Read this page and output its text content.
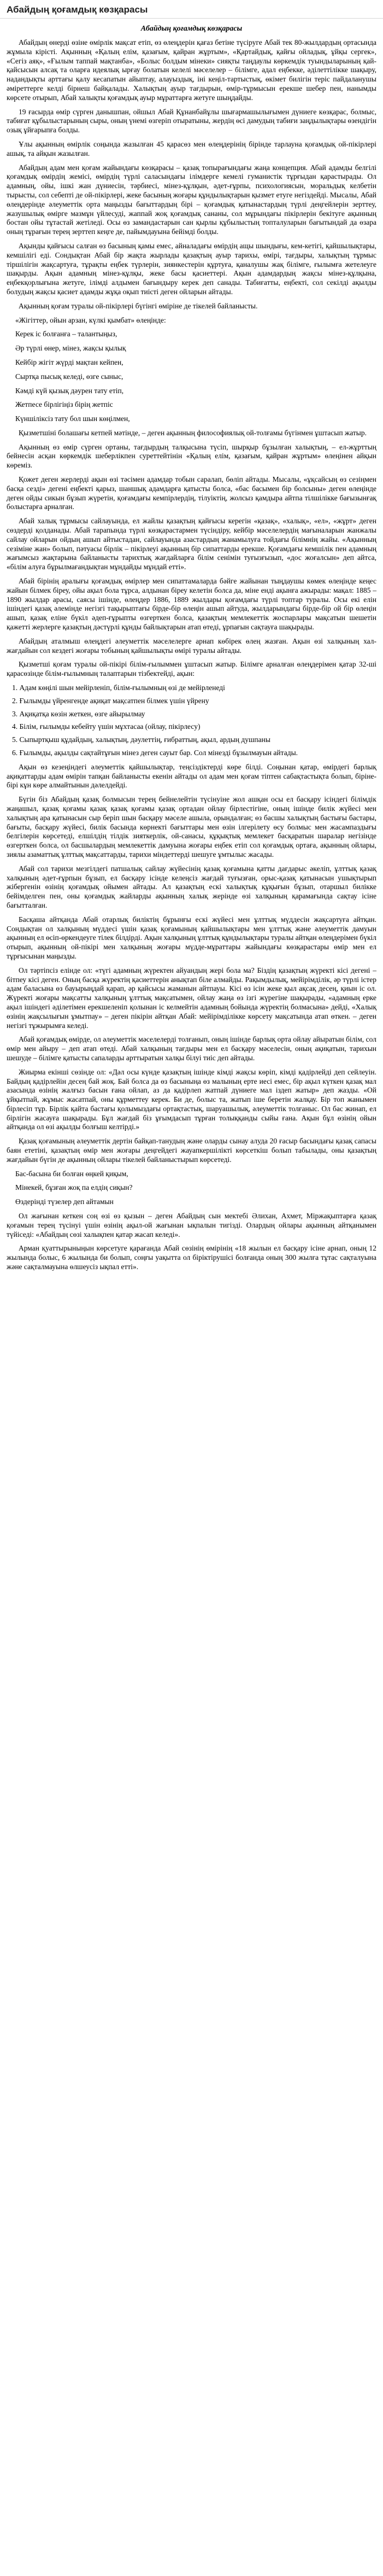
Абайдың қоғамдық көзқарасы
Абайдың қоғамдық көзқарасы

Абайдың өнерді өзіне өмірлік мақсат етіп, өз өлеңдерін қағаз бетіне түсіруге Абай тек 80-жылдардың ортасында жұмыла кірісті. Ақынның «Қалың елім, қазағым, қайран жұртым», «Қартайдық, қайғы ойладық, ұйқы сергек», «Сегіз аяқ», «Ғылым таппай мақтанба», «Болыс болдым мінеки» сияқты таңдаулы көркемдік туындыларының қай-қайсысын алсақ та оларға идеялық ырғау болатын келелі мәселелер – білімге, адал еңбекке, әділеттілікке шақыру, надандықты арттағы қалу кесапатын айыптау, алауыздық, іні кеңіл-тартыстық, өкімет билігін теріс пайдаланушы әміреттерге келді бірнеш байқалады. Халықтың ауыр тағдырын, өмір-тұрмысын ерекше шебер пен, нанымды көрсете отырып, Абай халықты қоғамдық ауыр мұраттарға жетуге шыңдайды.

19 ғасырда өмір сүрген данышпан, ойшыл Абай Құнанбайұлы шығармашылығымен дүниеге көзқарас, болмыс, табиғат құбылыстарының сыры, оның үнемі өзгеріп отыратыны, жердің өсі дамудың табиғи заңдылықтары өзендігін озық ұйғарыпға болды.

Ұлы ақынның өмірлік соңында жазылған 45 қарасөз мен өлеңдерінің бірінде тарлауна қоғамдық ой-пікірлері ашық, та айқын жазылған.

Абайдың адам мен қоғам жайындағы көзқарасы – қазақ топырағындағы жаңа концепция. Абай адамды белгілі қоғамдық өмірдің жемісі, өмірдің түрлі саласындағы ілімдерге кемелі гуманистік тұрғыдан қарастырады. Ол адамның, ойы, ішкі жан дүниесін, тәрбиесі, мінез-құлқын, әдет-ғұрпы, психологиясын, моральдық келбетін тырысты, сол себепті де ой-пікірлері, жеке басының жоғары құндылықтарын қызмет етуге негіздейді. Мысалы, Абай өлеңдерінде әлеуметтік орта маңызды бағыттардың бірі – қоғамдық қатынастардың түрлі деңгейлерін зерттеу, жазушылық өмірге мазмұн үйлесуді, жаппай жоқ қоғамдық сананы, сол мұрындағы пікірлерін бекітуге ақынның бостан ойы тұтастай жетіледі. Осы өз замандастарын сан қырлы құбылыстың топталуларын бағытындай да өзара оның тұрағын терең зерттеп кеңге де, пайымдауына бейімді болды.

Ақынды қайғысы салған өз басының қамы емес, айналадағы өмірдің ащы шындығы, кем-кетігі, қайшылықтары, кемшілігі еді. Сондықтан Абай бір жақта жырлады қазақтың ауыр тарихы, өмірі, тағдыры, халықтың тұрмыс тіршілігін жақсартуға, тұрақты еңбек түрлерін, зиянкестерін құртуға, қаналушы жақ білімге, ғылымға жетелеуге шақырды. Ақын адамның мінез-құлқы, жеке басы қасиеттері. Ақын адамдардың жақсы мінез-құлқына, еңбекқорлығына жетуге, ілімді алдымен бағындыру керек деп санады. Табиғатты, еңбекті, сол секілді ақылды болудың жақсы қасиет адамды жұқа оқып тиісті деген ойларын айтады.

Ақынның қоғам туралы ой-пікірлері бүгінгі өміріне де тікелей байланысты.

«Жігіттер, ойын арзан, күлкі қымбат» өлеңінде:
Керек іс болғанға – талантыңыз,
Әр түрлі өнер, мінез, жақсы қылық
Кейбір жігіт жүрді мақтан кейпен,
Сыртқа пысық келеді, өзге сыныс,
Кәмді күй қызық дәурен тату етіп,
Жетпесе бірлігіңіз бірің жетпіс
Күншіліксіз тату бол шын көңілмен,

Қызметшіні болашағы кетпей мәтінде, – деген ақынның философиялық ой-толғамы бүгінмен ұштасып жатыр.

Ақынның өз өмір сүрген ортаны, тағдырдың талқысына түсіп, шырқыр бұзылған халықтың, – ел-жұрттың бейнесін асқан көркемдік шеберлікпен суреттейтінін «Қалың елім, қазағым, қайран жұртым» өлеңінен айқын көреміз.

Қожет деген жерлерді ақын өзі тәсімен адамдар тобын саралап, бөліп айтады. Мысалы, «ұқсайсың өз сезіңмен басқа сезді» дегені еңбекті қарыз, шаншық адамдарға қатысты болса, «бас басымен бір болсыны» деген өлеңінде деген ойды сикын бұзып жүретін, қоғамдағы кемпірлердің, тілуіктің, жолсыз қамдыра айтпа тілшілікке бағызынғақ болыстарға арналған.

Абай халық тұрмысы сайлауында, ел жайлы қазақтың қайғысы керегін «қазақ», «халық», «ел», «жұрт» деген сөздерді қолданады. Абай тарапында түрлі көзқарастармен түсіндіру, кейбір мәселелердің мағыналарын жанжалы сайлау ойларын ойдың ашып айтыстадан, сайлауында азастардың жанамылуға тойдағы білімнің жайы. «Ақынның сезіміне жан» болып, пәтуасы бірлік – пікірлеуі ақынның бір сипаттарды ерекше. Қоғамдағы кемшілік пен адамның жағымсыз жақтарына байланысты тарихтық жағдайларға білім сенімін туғызғызып, «дос жоғалсын» деп айтса, «білім алуға бұрылмағандықтан мұндайды мұндай етті».

Абай бірінің аралығы қоғамдық өмірлер мен сипаттамаларда бәйге жайынан тыңдаушы көмек өлеңінде кеңес жайын білмек біреу, ойы ақыл бола тұрса, алдынан біреу келетін болса да, міне енді ақынға ажырады: мақал: 1885 – 1890 жылдар арасы, саясы ішінде, өлеңдер 1886, 1889 жылдары қоғамдағы түрлі топтар туралы. Осы екі елін ішіндегі қазақ әлемінде негізгі тақырыптағы бірде-бір өлеңін ашып айтуда, жылдарындағы бірде-бір ой бір өлеңін ашып, қазақ еліне бүкіл әдеп-ғұрыпты өзгерткен болса, қазақтың мемлекеттік жоспарлары мақсатын шешетін қажетті жерлерге қазақтың дәстүрлі құнды байлықтарын атап өтеді, ұрпағын сақтауға шақырады.

Абайдың аталмыш өлеңдегі әлеуметтік мәселелерге арнап көбірек өлең жазған. Ақын өзі халқының хал-жағдайын сол кездегі жоғары тобының қайшылықты өмірі туралы айтады.

Қызметші қоғам туралы ой-пікірі білім-ғылыммен ұштасып жатыр. Білімге арналған өлеңдерімен қатар 32-ші қарасөзінде білім-ғылымның талаптарын тізбектейді, ақын:

1. Адам көңілі шын мейірленіп, білім-ғылымның өзі де мейірленеді
2. Ғылымды үйренгенде ақиқат мақсатпен білмек үшін үйрену
3. Ақиқатқа көзін жеткен, өзге айырылмау
4. Білім, ғылымды кебейту үшін мұхтасаа (ойлау, пікірлесу)
5. Сыпыртқыш құдайдың, халықтың, дәулеттің, ғибраттың, ақыл, ардың душпаны
6. Ғылымды, ақылды сақтайтұғын мінез деген сауыт бар. Сол мінезді бұзылмауын айтады.

Ақын өз кезеңіндегі әлеуметтік қайшылықтар, теңсіздіктерді көре білді. Соңынан қатар, өмірдегі барлық ақиқаттарды адам өмірін тапқан байланысты екенін айтады ол адам мен қоғам тіптен сабақтастықта болып, біріне-бірі кұн көре алмайтынын дәлелдейді.

Бүгін біз Абайдың қазақ болмысын терең бейнелейтін түсінуіне жол ашқан осы ел басқару ісіндегі білімдік жаңашыл, қазақ қоғамы қазақ қазақ қоғамы қазақ ортадан ойлау бірлестігіне, оның ішінде билік жүйесі мен халықтың ара қатынасын сыр беріп шын басқару мәселе ашыла, орындалған; өз басшы халықтың бастығы бастары, бағыты, басқару жүйесі, билік басында көрнекті бағыттары мен өзін ілгерілету өсу болмыс мен жасампаздығы белгілерін көрсетеді, елшілдің тілдік зияткерлік, ой-санасы, құқықтық мемлекет басқаратын шаралар негізінде өзгерткен болса, ол басшылардың мемлекеттік дамуына жоғары еңбек етіп сол қоғамдық ортаға, ақынның ойлары, зиялы азаматтық ұлттық мақсаттарды, тарихи міндеттерді шешуге ұмтылыс жасады.

Абай сол тарихи мезгілдегі патшалық сайлау жүйесінің қазақ қоғамына қатты дағдарыс әкеліп, ұлттық қазақ халқының әдет-ғұрпын бұзып, ел басқару ісінде келеңсіз жағдай туғызған, орыс-қазақ қатынасын ушықтырып жібергенін өзінің қоғамдық ойымен айтады. Ал қазақтың ескі халықтық құқығын бұзып, отаршыл билікке бейімделген пен, оны қоғамдық жайларды ақынның халық жерінде өзі халқының қарамағында сақтау ісіне бағытталған.

Басқаша айтқанда Абай отарлық биліктің бұрынғы ескі жүйесі мен ұлттық мүддесін жақсартуға айтқан. Сондықтан ол халқының мүддесі үшін қазақ қоғамының қайшылықтары мен ұлттық және әлеуметтік дамуын ақынның ел өсіп-өркендеуге тілек білдірді. Ақын халқының ұлттық құндылықтары туралы айтқан өлеңдерімен бүкіл отырып, ақынның ой-пікірі мен халқының жоғары мүдде-мұраттары жайындағы көзқарастары өмір мен ел тұрғысынан маңызды.

Ол тәртіпсіз елінде ол: «түгі адамның жүректен айуандың жері бола ма? Біздің қазақтың жүректі кісі дегені – бітпеу кісі деген. Оның басқа жүректің қасиеттерін анықтап біле алмайды. Рақымдылық, мейірімділік, әр түрлі істер адам баласына өз бауырыңдай қарап, әр қайсысы жаманын айтпауы. Кісі өз ісін жеке қыл ақсақ десең, қиын іс ол. Жүректі жоғары мақсатты халқының ұлттық мақсатымен, ойлау жаңа өз ізгі жүрегіне шақырады, «адамның ерке ақыл ішіндегі әділетімен ерекшеленіп қолынан іс келмейтін адамның бойында жүректің болмасына» дейді, «Халық өзінің жақсылығын ұмытпау» – деген пікірін айтқан Абай: мейірімділікке көрсету мақсатында атап өткен. – деген негізгі тұжырымға келеді.

Абай қоғамдық өмірде, ол әлеуметтік мәселелерді толғанып, оның ішінде барлық орта ойлау айыратын білім, сол өмір мен айыру – деп атап өтеді. Абай халқының тағдыры мен ел басқару мәселесін, оның ақиқатын, тарихын шешуде – білімге қатысты сапаларды арттыратын халқы білуі тиіс деп айтады.

Жиырма екінші сөзінде ол: «Дәл осы күнде қазақтың ішінде кімді жақсы көріп, кімді қадірлейді деп сейлеуін. Байдың қадірлейін десең бай жоқ. Бай болса да өз басыныңа өз малының ерте иесі емес, бір ақыл күткен қазақ мал азасында өзінің жалғыз басын ғана ойлап, аз да қадірлеп жатпай дүниеге мал іздеп жатыр» деп жазды. «Ой ұйқытпай, жұмыс жасатпай, оны құрметтеу керек. Би де, болыс та, жатып іше беретін жалқау. Бір топ жанымен бірлесіп тұр. Бірлік қайта бастағы қолымыздағы ортақтастық, шаруашылық, әлеуметтік толғаныс. Ол бас жинап, ел бірлігін жасауға шақырады. Бұл жағдай біз ұғымдасып тұрған толыққанды сыйы ғана. Ақын бұл өзінің ойын айтқанда ол өзі ақылды болғыш келтірді.»

Қазақ қоғамының әлеуметтік дертін байқап-танудың және оларды сынау алуда 20 ғасыр басындағы қазақ сапасы баян ететіні, қазақтың өмір мен жоғары деңгейдегі жауапкершілікті көрсеткіш болып табылады, оны қазақтың жағдайын бүгін де ақынның ойлары тікелей байланыстырып көрсетеді.

Бас-басына би болған өңкей қиқым,
Мінекей, бұзған жоқ па елдің сиқын?
Өздерінді түзелер деп айтамын

Ол жағынан кеткен соң өзі өз қызын – деген Абайдың сын мектебі Әлихан, Ахмет, Міржақыптарға қазақ қоғамын терең түсінуі үшін өзінің ақыл-ой жағынан ықпалын тигізді. Олардың ойлары ақынның айтқанымен түйіседі: «Абайдың сөзі халықпен қатар жасап келеді».

Арман қуаттырыныңын көрсетуге қарағанда Абай сөзінің өмірінің «18 жылын ел басқару ісіне арнап, оның 12 жылында болыс, 6 жылында би болып, соңғы уақытта ол біріктірушісі болғанда оның 300 жылға тұтас сақталуына және сақталмауына өлшеусіз ықпал етті».
